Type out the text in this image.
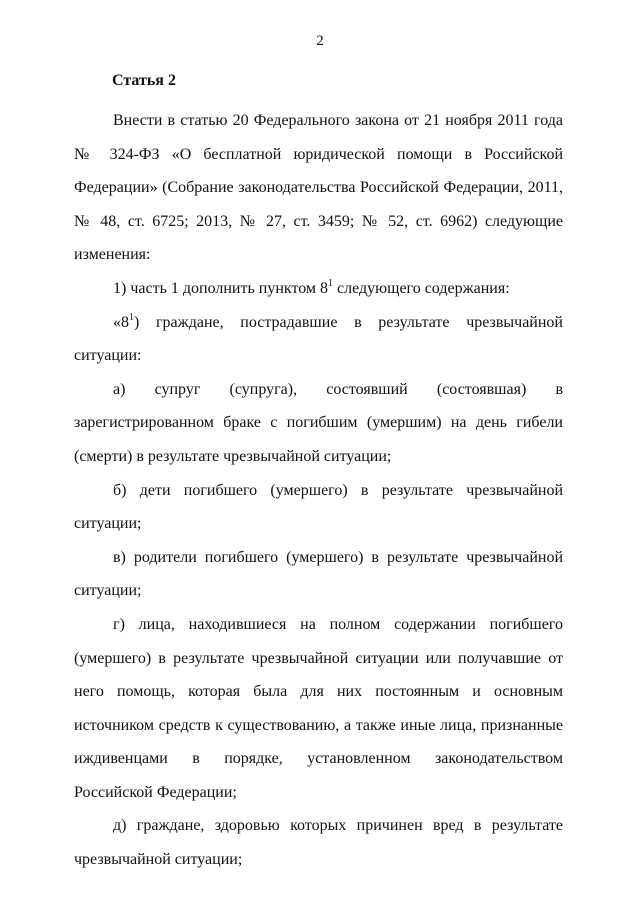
2
Статья 2

Внести в статью 20 Федерального закона от 21 ноября 2011 года № 324-ФЗ «О бесплатной юридической помощи в Российской Федерации» (Собрание законодательства Российской Федерации, 2011, № 48, ст. 6725; 2013, № 27, ст. 3459; № 52, ст. 6962) следующие изменения:

1) часть 1 дополнить пунктом $8^1$ следующего содержания:

«$8^1$) граждане, пострадавшие в результате чрезвычайной ситуации:

а) супруг (супруга), состоявший (состоявшая) в зарегистрированном браке с погибшим (умершим) на день гибели (смерти) в результате чрезвычайной ситуации;

б) дети погибшего (умершего) в результате чрезвычайной ситуации;

в) родители погибшего (умершего) в результате чрезвычайной ситуации;

г) лица, находившиеся на полном содержании погибшего (умершего) в результате чрезвычайной ситуации или получавшие от него помощь, которая была для них постоянным и основным источником средств к существованию, а также иные лица, признанные иждивенцами в порядке, установленном законодательством Российской Федерации;

д) граждане, здоровью которых причинен вред в результате чрезвычайной ситуации;
